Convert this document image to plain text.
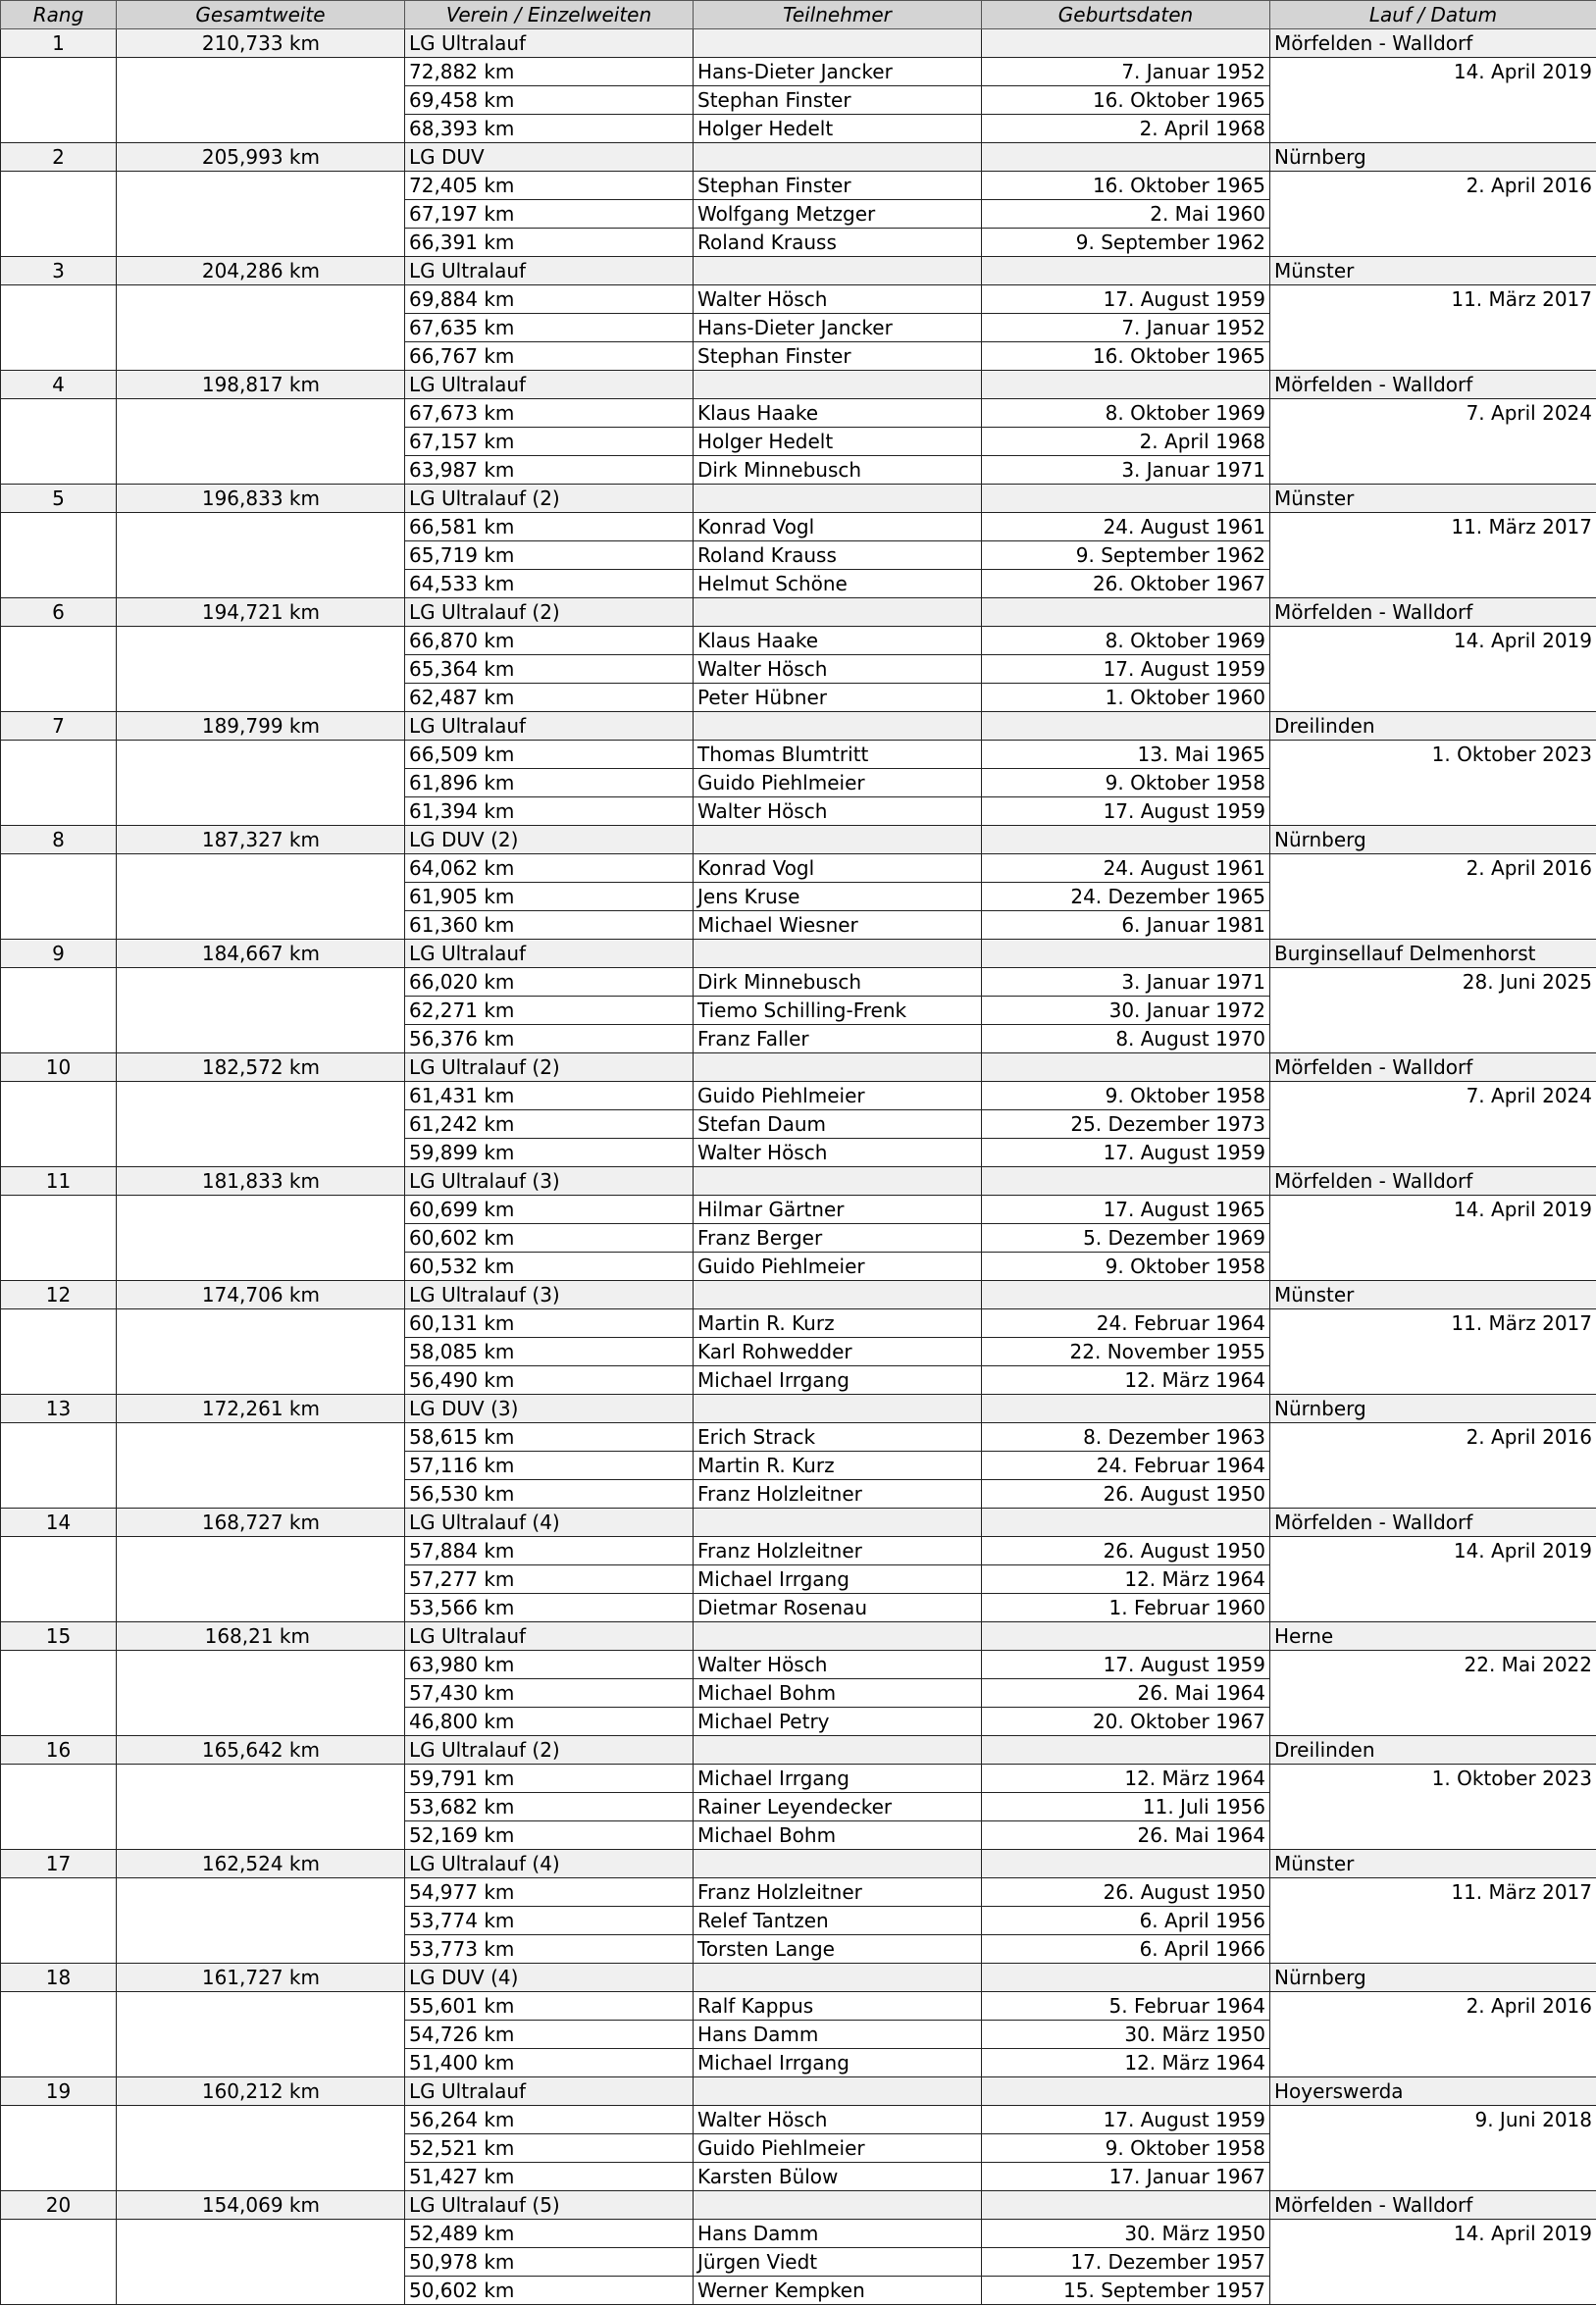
Rang	Gesamtweite	Verein / Einzelweiten	Teilnehmer	Geburtsdaten	Lauf / Datum
1	210,733 km	LG Ultralauf			Mörfelden - Walldorf
		72,882 km	Hans-Dieter Jancker	7. Januar 1952	14. April 2019
		69,458 km	Stephan Finster	16. Oktober 1965	
		68,393 km	Holger Hedelt	2. April 1968	
2	205,993 km	LG DUV			Nürnberg
		72,405 km	Stephan Finster	16. Oktober 1965	2. April 2016
		67,197 km	Wolfgang Metzger	2. Mai 1960	
		66,391 km	Roland Krauss	9. September 1962	
3	204,286 km	LG Ultralauf			Münster
		69,884 km	Walter Hösch	17. August 1959	11. März 2017
		67,635 km	Hans-Dieter Jancker	7. Januar 1952	
		66,767 km	Stephan Finster	16. Oktober 1965	
4	198,817 km	LG Ultralauf			Mörfelden - Walldorf
		67,673 km	Klaus Haake	8. Oktober 1969	7. April 2024
		67,157 km	Holger Hedelt	2. April 1968	
		63,987 km	Dirk Minnebusch	3. Januar 1971	
5	196,833 km	LG Ultralauf (2)			Münster
		66,581 km	Konrad Vogl	24. August 1961	11. März 2017
		65,719 km	Roland Krauss	9. September 1962	
		64,533 km	Helmut Schöne	26. Oktober 1967	
6	194,721 km	LG Ultralauf (2)			Mörfelden - Walldorf
		66,870 km	Klaus Haake	8. Oktober 1969	14. April 2019
		65,364 km	Walter Hösch	17. August 1959	
		62,487 km	Peter Hübner	1. Oktober 1960	
7	189,799 km	LG Ultralauf			Dreilinden
		66,509 km	Thomas Blumtritt	13. Mai 1965	1. Oktober 2023
		61,896 km	Guido Piehlmeier	9. Oktober 1958	
		61,394 km	Walter Hösch	17. August 1959	
8	187,327 km	LG DUV (2)			Nürnberg
		64,062 km	Konrad Vogl	24. August 1961	2. April 2016
		61,905 km	Jens Kruse	24. Dezember 1965	
		61,360 km	Michael Wiesner	6. Januar 1981	
9	184,667 km	LG Ultralauf			Burginsellauf Delmenhorst
		66,020 km	Dirk Minnebusch	3. Januar 1971	28. Juni 2025
		62,271 km	Tiemo Schilling-Frenk	30. Januar 1972	
		56,376 km	Franz Faller	8. August 1970	
10	182,572 km	LG Ultralauf (2)			Mörfelden - Walldorf
		61,431 km	Guido Piehlmeier	9. Oktober 1958	7. April 2024
		61,242 km	Stefan Daum	25. Dezember 1973	
		59,899 km	Walter Hösch	17. August 1959	
11	181,833 km	LG Ultralauf (3)			Mörfelden - Walldorf
		60,699 km	Hilmar Gärtner	17. August 1965	14. April 2019
		60,602 km	Franz Berger	5. Dezember 1969	
		60,532 km	Guido Piehlmeier	9. Oktober 1958	
12	174,706 km	LG Ultralauf (3)			Münster
		60,131 km	Martin R. Kurz	24. Februar 1964	11. März 2017
		58,085 km	Karl Rohwedder	22. November 1955	
		56,490 km	Michael Irrgang	12. März 1964	
13	172,261 km	LG DUV (3)			Nürnberg
		58,615 km	Erich Strack	8. Dezember 1963	2. April 2016
		57,116 km	Martin R. Kurz	24. Februar 1964	
		56,530 km	Franz Holzleitner	26. August 1950	
14	168,727 km	LG Ultralauf (4)			Mörfelden - Walldorf
		57,884 km	Franz Holzleitner	26. August 1950	14. April 2019
		57,277 km	Michael Irrgang	12. März 1964	
		53,566 km	Dietmar Rosenau	1. Februar 1960	
15	168,21 km	LG Ultralauf			Herne
		63,980 km	Walter Hösch	17. August 1959	22. Mai 2022
		57,430 km	Michael Bohm	26. Mai 1964	
		46,800 km	Michael Petry	20. Oktober 1967	
16	165,642 km	LG Ultralauf (2)			Dreilinden
		59,791 km	Michael Irrgang	12. März 1964	1. Oktober 2023
		53,682 km	Rainer Leyendecker	11. Juli 1956	
		52,169 km	Michael Bohm	26. Mai 1964	
17	162,524 km	LG Ultralauf (4)			Münster
		54,977 km	Franz Holzleitner	26. August 1950	11. März 2017
		53,774 km	Relef Tantzen	6. April 1956	
		53,773 km	Torsten Lange	6. April 1966	
18	161,727 km	LG DUV (4)			Nürnberg
		55,601 km	Ralf Kappus	5. Februar 1964	2. April 2016
		54,726 km	Hans Damm	30. März 1950	
		51,400 km	Michael Irrgang	12. März 1964	
19	160,212 km	LG Ultralauf			Hoyerswerda
		56,264 km	Walter Hösch	17. August 1959	9. Juni 2018
		52,521 km	Guido Piehlmeier	9. Oktober 1958	
		51,427 km	Karsten Bülow	17. Januar 1967	
20	154,069 km	LG Ultralauf (5)			Mörfelden - Walldorf
		52,489 km	Hans Damm	30. März 1950	14. April 2019
		50,978 km	Jürgen Viedt	17. Dezember 1957	
		50,602 km	Werner Kempken	15. September 1957	
